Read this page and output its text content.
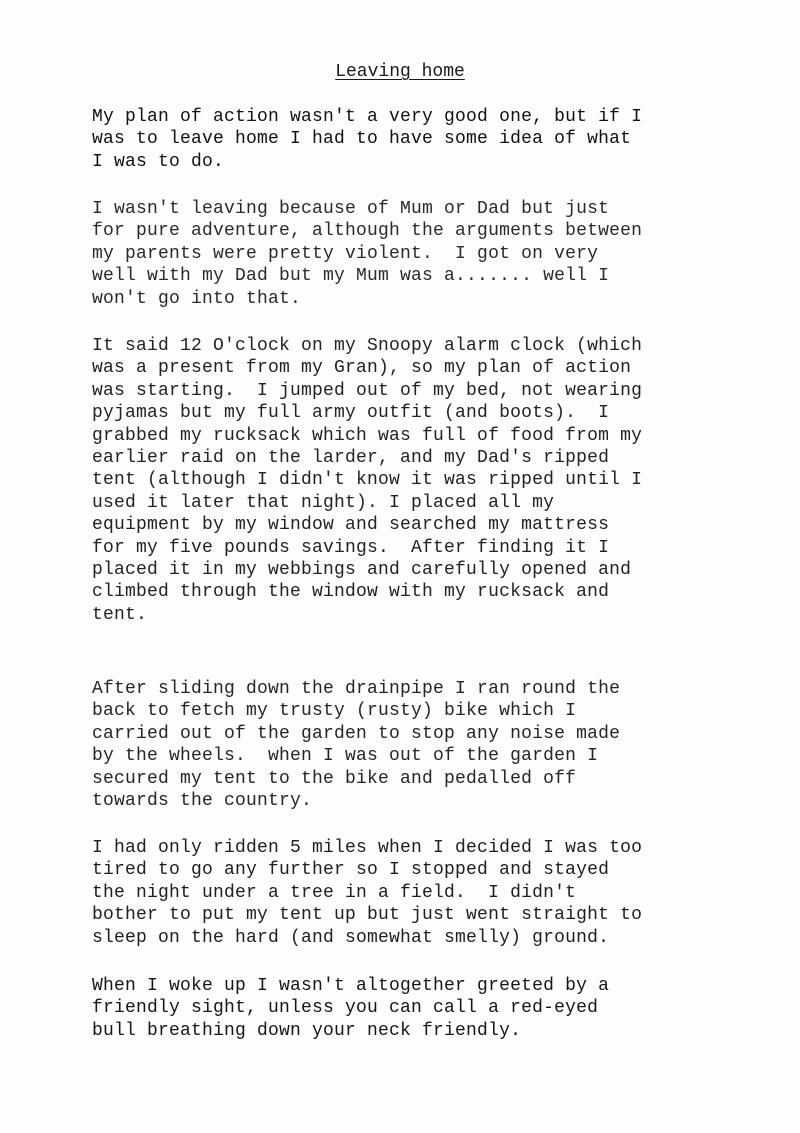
Leaving home

My plan of action wasn't a very good one, but if I
was to leave home I had to have some idea of what
I was to do.

I wasn't leaving because of Mum or Dad but just
for pure adventure, although the arguments between
my parents were pretty violent.  I got on very
well with my Dad but my Mum was a....... well I
won't go into that.

It said 12 O'clock on my Snoopy alarm clock (which
was a present from my Gran), so my plan of action
was starting.  I jumped out of my bed, not wearing
pyjamas but my full army outfit (and boots).  I
grabbed my rucksack which was full of food from my
earlier raid on the larder, and my Dad's ripped
tent (although I didn't know it was ripped until I
used it later that night). I placed all my
equipment by my window and searched my mattress
for my five pounds savings.  After finding it I
placed it in my webbings and carefully opened and
climbed through the window with my rucksack and
tent.

After sliding down the drainpipe I ran round the
back to fetch my trusty (rusty) bike which I
carried out of the garden to stop any noise made
by the wheels.  when I was out of the garden I
secured my tent to the bike and pedalled off
towards the country.

I had only ridden 5 miles when I decided I was too
tired to go any further so I stopped and stayed
the night under a tree in a field.  I didn't
bother to put my tent up but just went straight to
sleep on the hard (and somewhat smelly) ground.

When I woke up I wasn't altogether greeted by a
friendly sight, unless you can call a red-eyed
bull breathing down your neck friendly.
